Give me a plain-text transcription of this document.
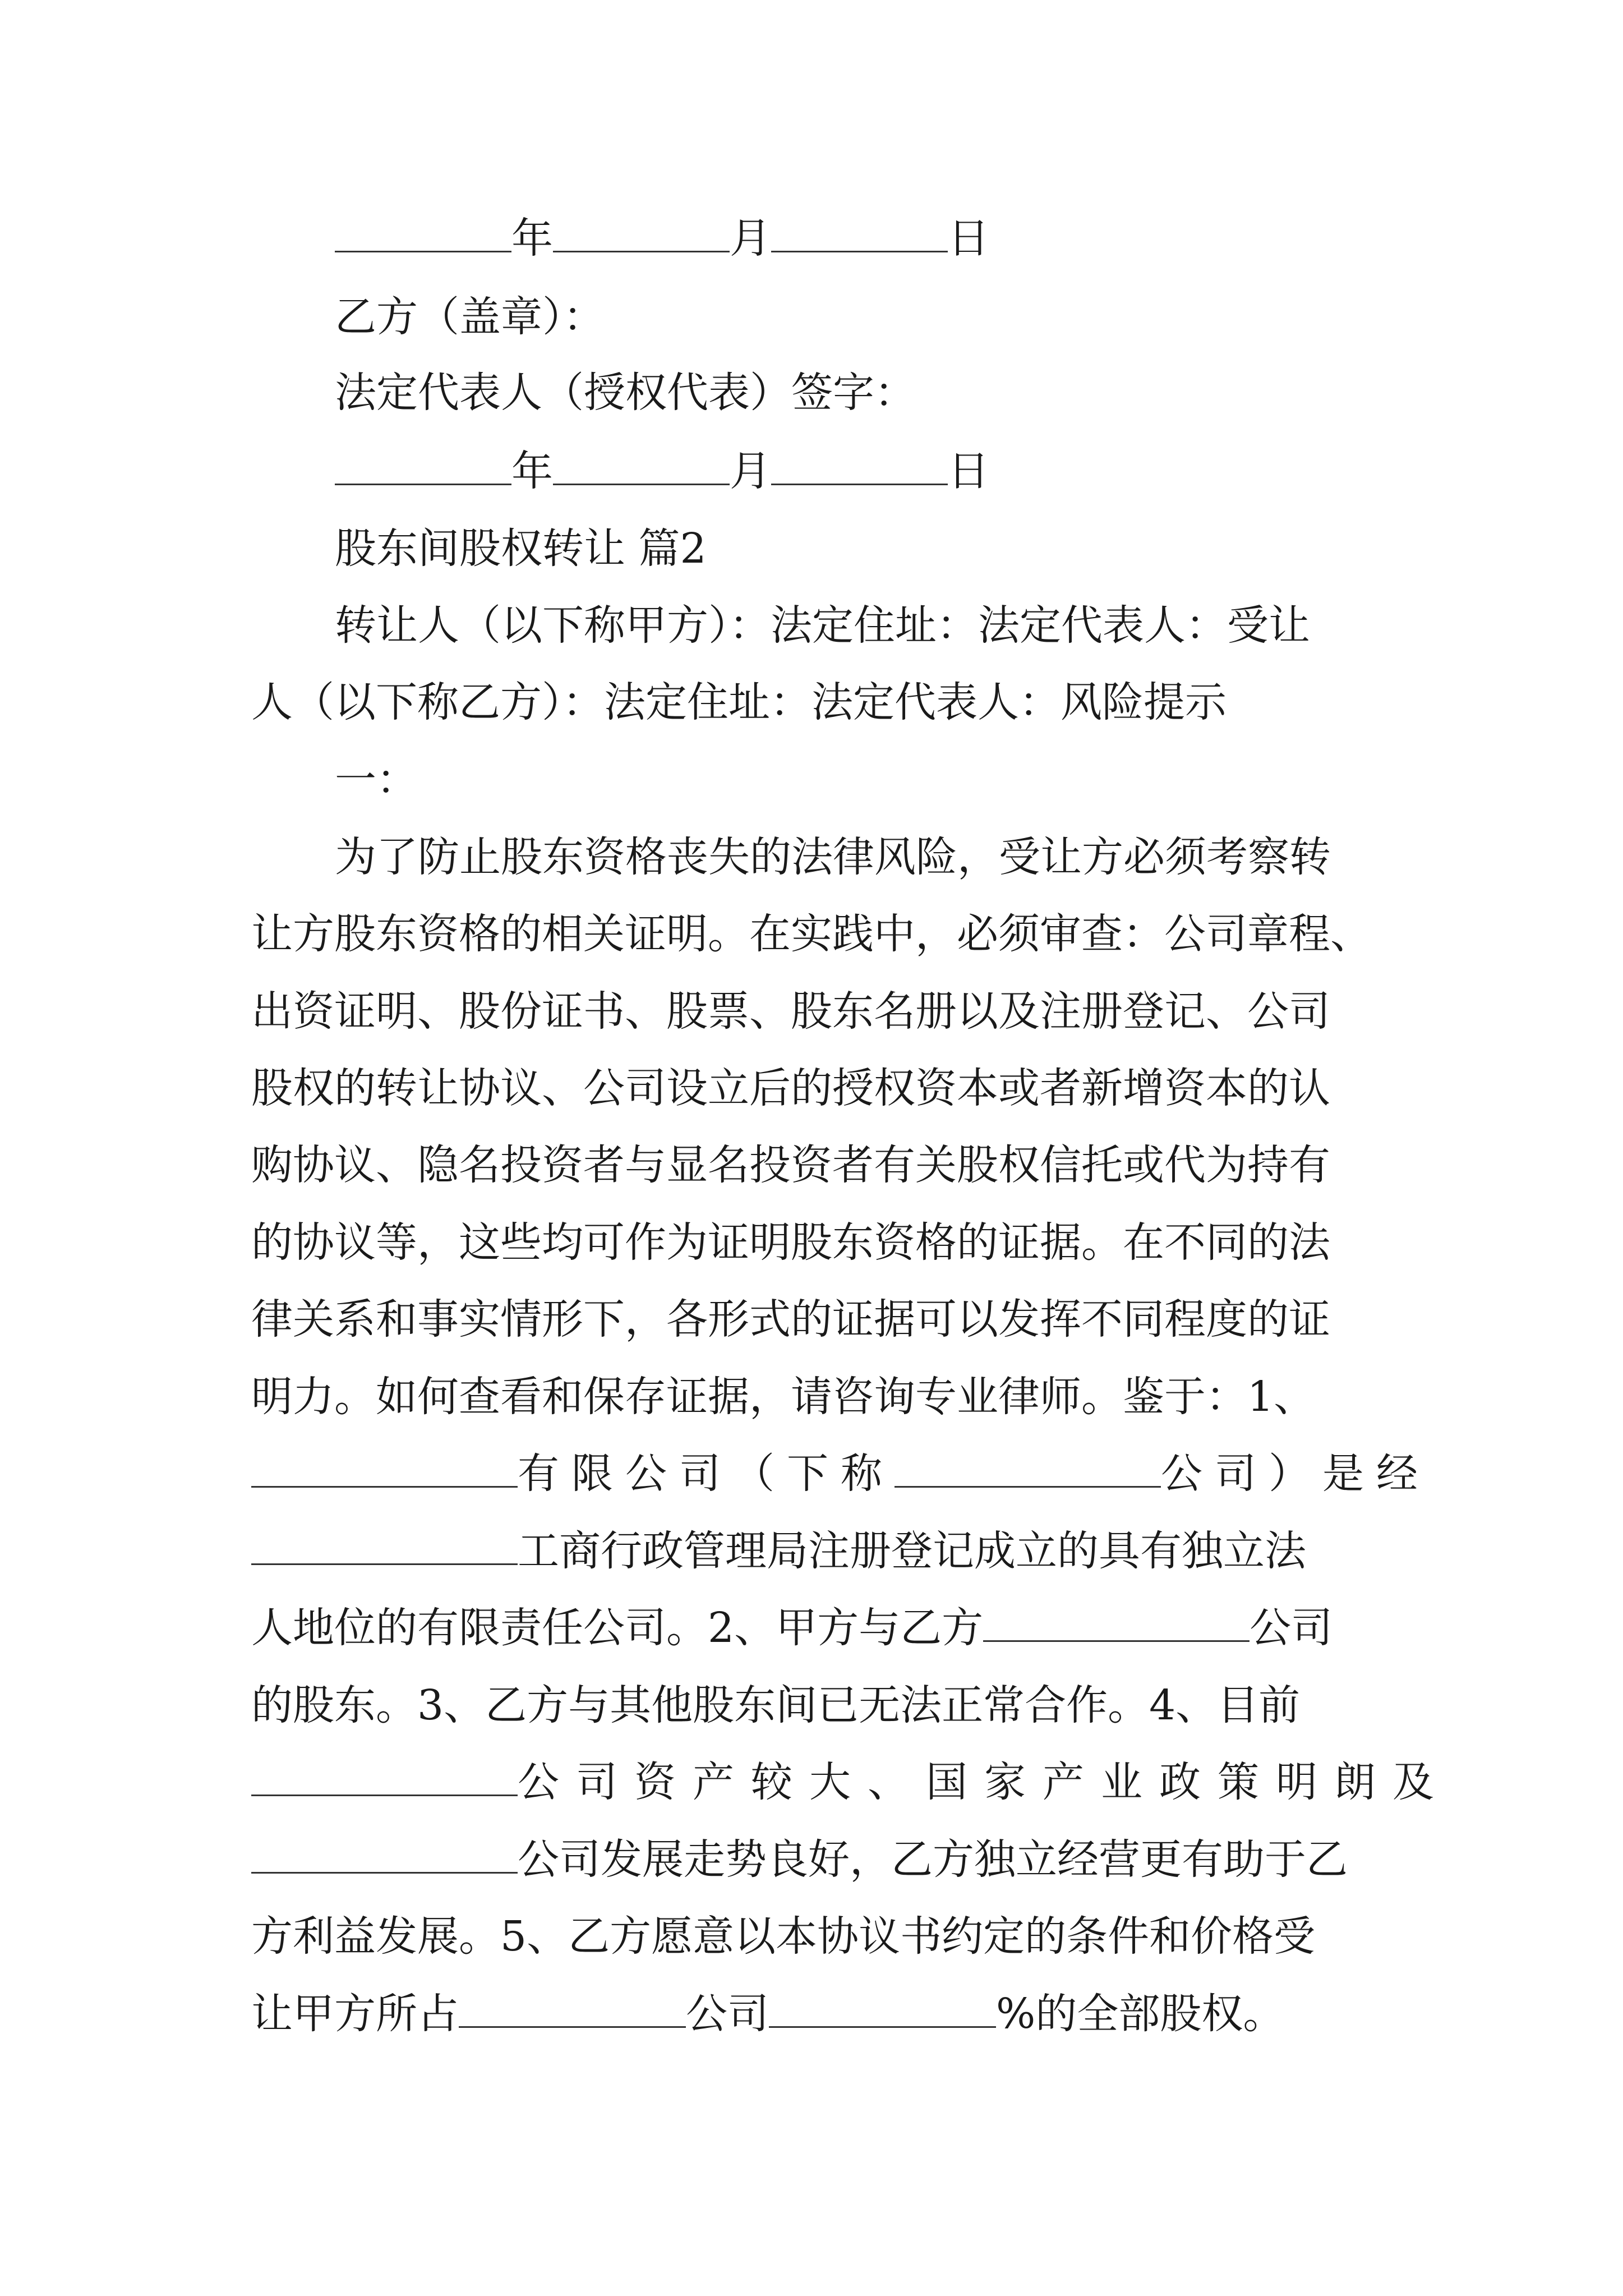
年	月	日
乙方（盖章）：
法定代表人（授权代表）签字：
年	月	日
股东间股权转让 篇2
转让人（以下称甲方）：法定住址：法定代表人：受让
人（以下称乙方）：法定住址：法定代表人：风险提示
一：
为了防止股东资格丧失的法律风险，受让方必须考察转
让方股东资格的相关证明。在实践中，必须审查：公司章程、
出资证明、股份证书、股票、股东名册以及注册登记、公司
股权的转让协议、公司设立后的授权资本或者新增资本的认
购协议、隐名投资者与显名投资者有关股权信托或代为持有
的协议等，这些均可作为证明股东资格的证据。在不同的法
律关系和事实情形下，各形式的证据可以发挥不同程度的证
明力。如何查看和保存证据，请咨询专业律师。鉴于：1、
有限公司（下称	公司）是经
工商行政管理局注册登记成立的具有独立法
人地位的有限责任公司。2、甲方与乙方	公司
的股东。3、乙方与其他股东间已无法正常合作。4、目前
公司资产较大、国家产业政策明朗及
公司发展走势良好，乙方独立经营更有助于乙
方利益发展。5、乙方愿意以本协议书约定的条件和价格受
让甲方所占	公司	%的全部股权。
